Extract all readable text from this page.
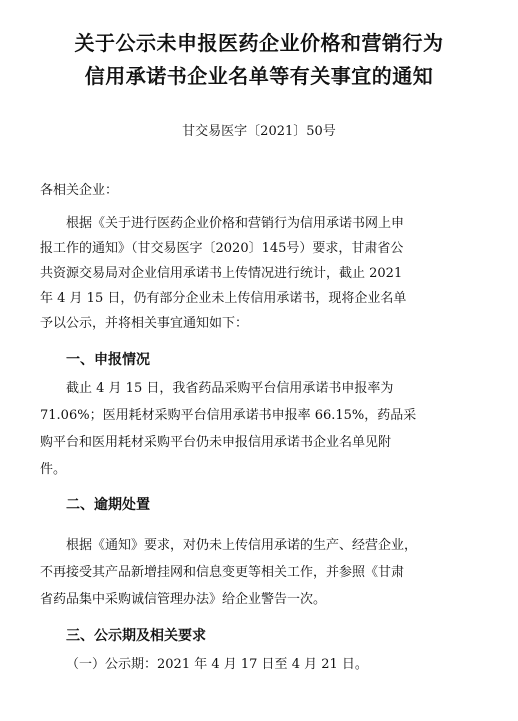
关于公示未申报医药企业价格和营销行为
信用承诺书企业名单等有关事宜的通知
甘交易医字〔2021〕50号
各相关企业：
根据《关于进行医药企业价格和营销行为信用承诺书网上申
报工作的通知》（甘交易医字〔2020〕145号）要求，甘肃省公
共资源交易局对企业信用承诺书上传情况进行统计，截止 2021
年 4 月 15 日，仍有部分企业未上传信用承诺书，现将企业名单
予以公示，并将相关事宜通知如下：
一、申报情况
截止 4 月 15 日，我省药品采购平台信用承诺书申报率为
71.06%；医用耗材采购平台信用承诺书申报率 66.15%，药品采
购平台和医用耗材采购平台仍未申报信用承诺书企业名单见附
件。
二、逾期处置
根据《通知》要求，对仍未上传信用承诺的生产、经营企业，
不再接受其产品新增挂网和信息变更等相关工作，并参照《甘肃
省药品集中采购诚信管理办法》给企业警告一次。
三、公示期及相关要求
（一）公示期：2021 年 4 月 17 日至 4 月 21 日。
